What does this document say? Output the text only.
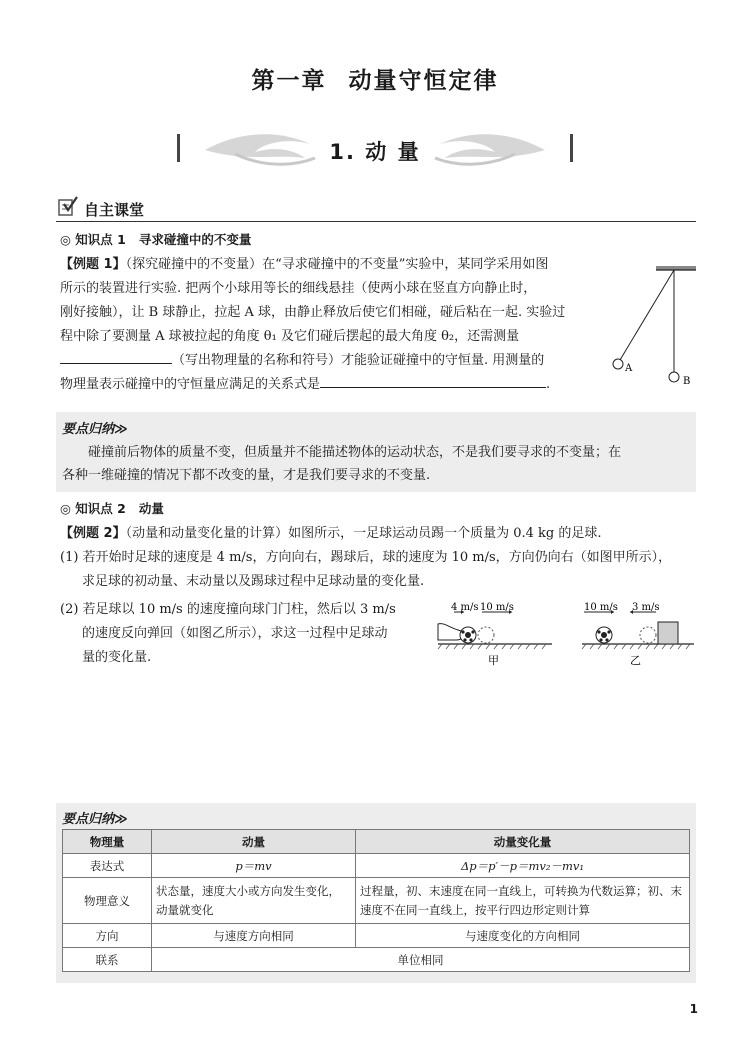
第一章 动量守恒定律
1. 动 量
自主课堂
◎ 知识点 1 寻求碰撞中的不变量
【例题 1】（探究碰撞中的不变量）在“寻求碰撞中的不变量”实验中，某同学采用如图
所示的装置进行实验. 把两个小球用等长的细线悬挂（使两小球在竖直方向静止时，
刚好接触），让 B 球静止，拉起 A 球，由静止释放后使它们相碰，碰后粘在一起. 实验过
程中除了要测量 A 球被拉起的角度 θ₁ 及它们碰后摆起的最大角度 θ₂，还需测量
（写出物理量的名称和符号）才能验证碰撞中的守恒量. 用测量的
物理量表示碰撞中的守恒量应满足的关系式是	.
A
B
要点归纳≫
碰撞前后物体的质量不变，但质量并不能描述物体的运动状态，不是我们要寻求的不变量；在
各种一维碰撞的情况下都不改变的量，才是我们要寻求的不变量.
◎ 知识点 2 动量
【例题 2】（动量和动量变化量的计算）如图所示，一足球运动员踢一个质量为 0.4 kg 的足球.
(1) 若开始时足球的速度是 4 m/s，方向向右，踢球后，球的速度为 10 m/s，方向仍向右（如图甲所示），
求足球的初动量、末动量以及踢球过程中足球动量的变化量.
(2) 若足球以 10 m/s 的速度撞向球门门柱，然后以 3 m/s
的速度反向弹回（如图乙所示），求这一过程中足球动
量的变化量.
4 m/s 10 m/s
甲
10 m/s 3 m/s
乙
要点归纳≫
物理量	动量	动量变化量
表达式	p＝mv	Δp＝p′－p＝mv₂－mv₁
物理意义	状态量，速度大小或方向发生变化，动量就变化	过程量，初、末速度在同一直线上，可转换为代数运算；初、末速度不在同一直线上，按平行四边形定则计算
方向	与速度方向相同	与速度变化的方向相同
联系	单位相同	
1
